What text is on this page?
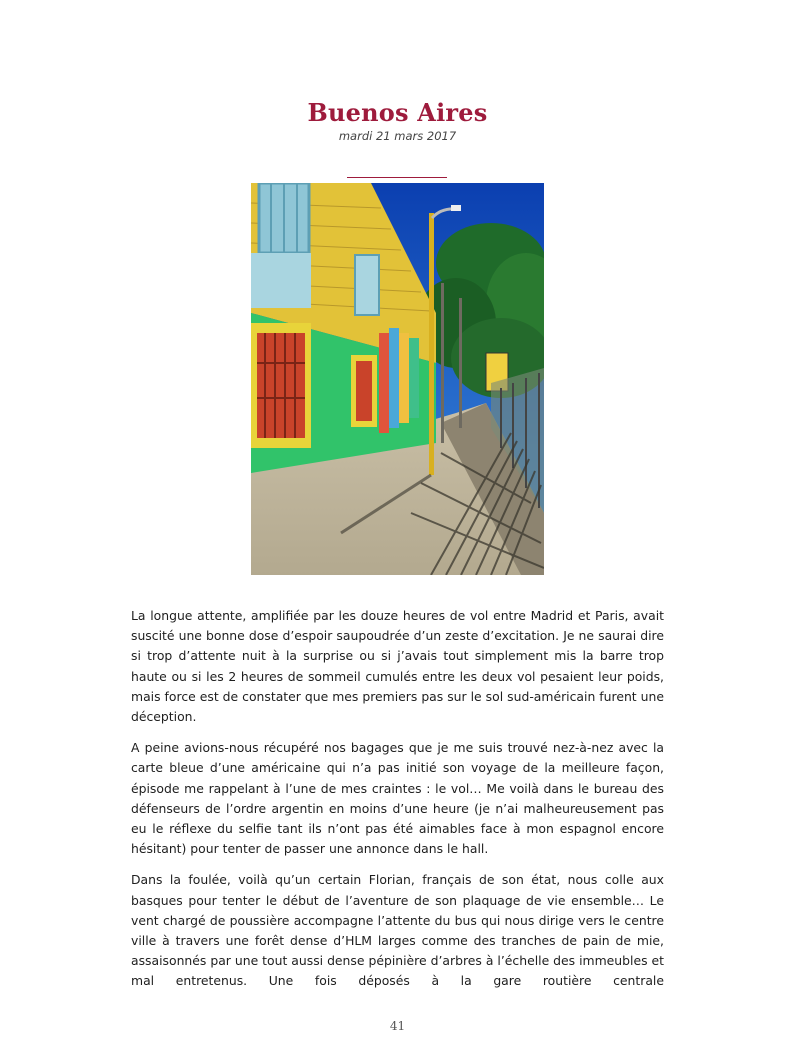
Buenos Aires
mardi 21 mars 2017

La longue attente, amplifiée par les douze heures de vol entre Madrid et Paris, avait suscité une bonne dose d’espoir saupoudrée d’un zeste d’excitation. Je ne saurai dire si trop d’attente nuit à la surprise ou si j’avais tout simplement mis la barre trop haute ou si les 2 heures de sommeil cumulés entre les deux vol pesaient leur poids, mais force est de constater que mes premiers pas sur le sol sud-américain furent une déception.

A peine avions-nous récupéré nos bagages que je me suis trouvé nez-à-nez avec la carte bleue d’une américaine qui n’a pas initié son voyage de la meilleure façon, épisode me rappelant à l’une de mes craintes : le vol… Me voilà dans le bureau des défenseurs de l’ordre argentin en moins d’une heure (je n’ai malheureusement pas eu le réflexe du selfie tant ils n’ont pas été aimables face à mon espagnol encore hésitant) pour tenter de passer une annonce dans le hall.

Dans la foulée, voilà qu’un certain Florian, français de son état, nous colle aux basques pour tenter le début de l’aventure de son plaquage de vie ensemble… Le vent chargé de poussière accompagne l’attente du bus qui nous dirige vers le centre ville à travers une forêt dense d’HLM larges comme des tranches de pain de mie, assaisonnés par une tout aussi dense pépinière d’arbres à l’échelle des immeubles et mal entretenus. Une fois déposés à la gare routière centrale

41
